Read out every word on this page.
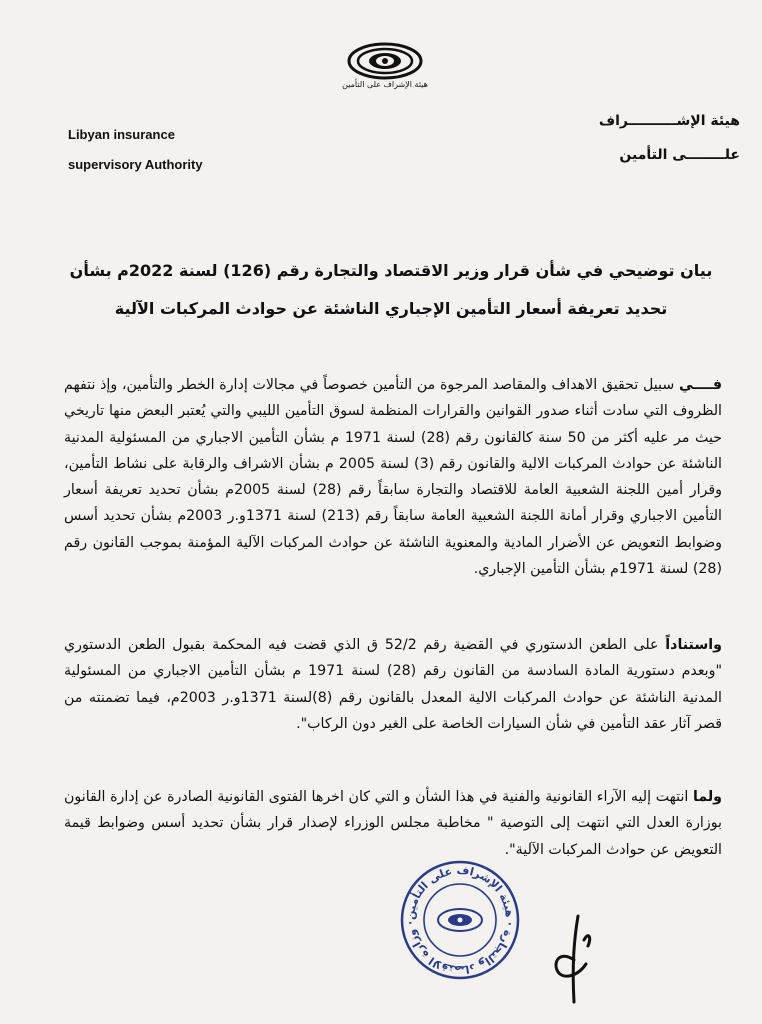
هيئة الإشراف على التأمين
Libyan insurance
supervisory Authority
هيئة الإشــــــــــراف
علــــــــى التأمين
بيان توضيحي في شأن قرار وزير الاقتصاد والتجارة رقم (126) لسنة 2022م بشأن
تحديد تعريفة أسعار التأمين الإجباري الناشئة عن حوادث المركبات الآلية
فــــي سبيل تحقيق الاهداف والمقاصد المرجوة من التأمين خصوصاً في مجالات إدارة الخطر والتأمين، وإذ نتفهم الظروف التي سادت أثناء صدور القوانين والقرارات المنظمة لسوق التأمين الليبي والتي يُعتبر البعض منها تاريخي حيث مر عليه أكثر من 50 سنة كالقانون رقم (28) لسنة 1971 م بشأن التأمين الاجباري من المسئولية المدنية الناشئة عن حوادث المركبات الالية والقانون رقم (3) لسنة 2005 م بشأن الاشراف والرقابة على نشاط التأمين، وقرار أمين اللجنة الشعبية العامة للاقتصاد والتجارة سابقاً رقم (28) لسنة 2005م بشأن تحديد تعريفة أسعار التأمين الاجباري وقرار أمانة اللجنة الشعبية العامة سابقاً رقم (213) لسنة 1371و.ر 2003م بشأن تحديد أسس وضوابط التعويض عن الأضرار المادية والمعنوية الناشئة عن حوادث المركبات الآلية المؤمنة بموجب القانون رقم (28) لسنة 1971م بشأن التأمين الإجباري.
واستناداً على الطعن الدستوري في القضية رقم 52/2 ق الذي قضت فيه المحكمة بقبول الطعن الدستوري "وبعدم دستورية المادة السادسة من القانون رقم (28) لسنة 1971 م بشأن التأمين الاجباري من المسئولية المدنية الناشئة عن حوادث المركبات الالية المعدل بالقانون رقم (8)لسنة 1371و.ر 2003م، فيما تضمنته من قصر آثار عقد التأمين في شأن السيارات الخاصة على الغير دون الركاب".
ولما انتهت إليه الآراء القانونية والفنية في هذا الشأن و التي كان اخرها الفتوى القانونية الصادرة عن إدارة القانون بوزارة العدل التي انتهت إلى التوصية " مخاطبة مجلس الوزراء لإصدار قرار بشأن تحديد أسس وضوابط قيمة التعويض عن حوادث المركبات الآلية".
وزارة الاقتصاد والتجارة · هيئة الإشراف على التأمين ·
